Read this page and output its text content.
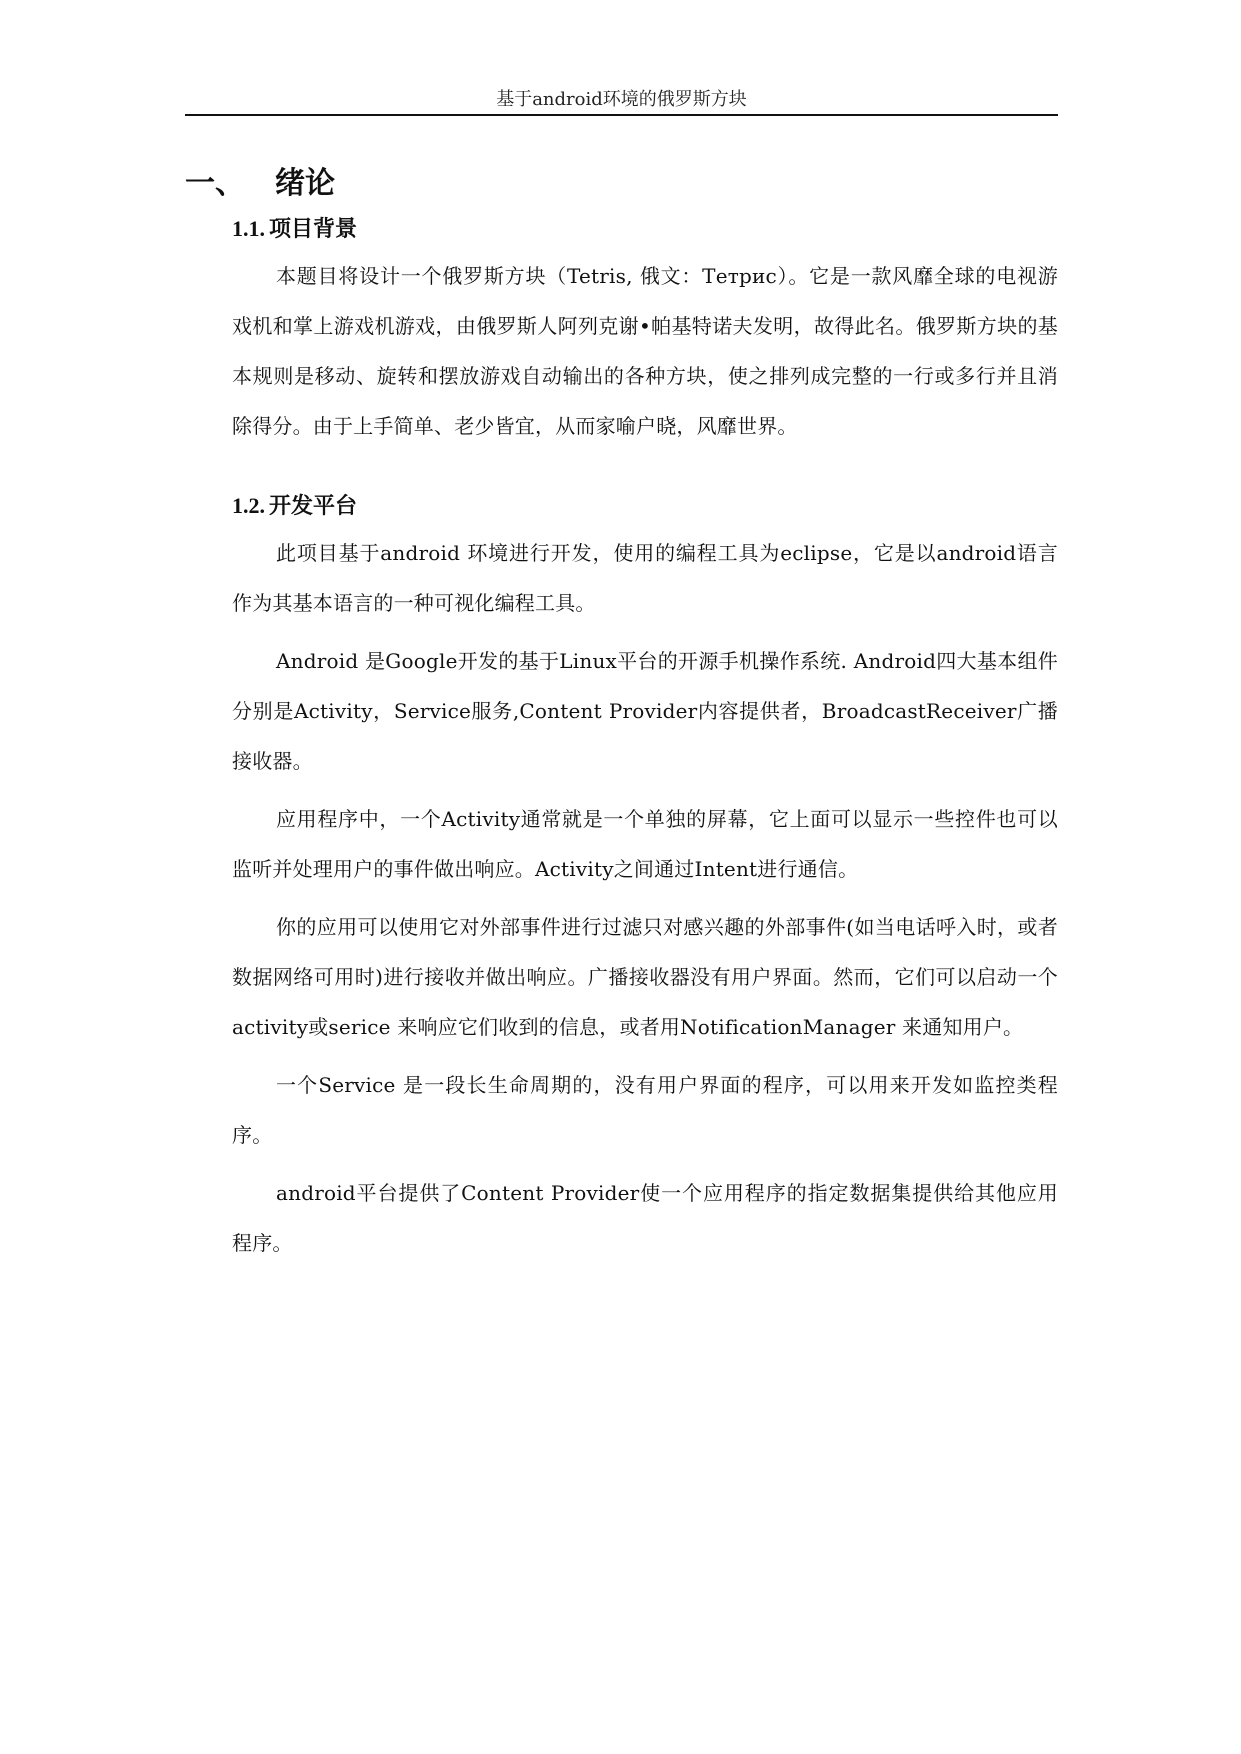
基于android环境的俄罗斯方块
一、	绪论
1.1. 项目背景

本题目将设计一个俄罗斯方块（Tetris, 俄文：Тетрис）。它是一款风靡全球的电视游戏机和掌上游戏机游戏，由俄罗斯人阿列克谢•帕基特诺夫发明，故得此名。俄罗斯方块的基本规则是移动、旋转和摆放游戏自动输出的各种方块，使之排列成完整的一行或多行并且消除得分。由于上手简单、老少皆宜，从而家喻户晓，风靡世界。

1.2. 开发平台

此项目基于android 环境进行开发，使用的编程工具为eclipse，它是以android语言作为其基本语言的一种可视化编程工具。

Android 是Google开发的基于Linux平台的开源手机操作系统. Android四大基本组件分别是Activity，Service服务,Content Provider内容提供者，BroadcastReceiver广播接收器。

应用程序中，一个Activity通常就是一个单独的屏幕，它上面可以显示一些控件也可以监听并处理用户的事件做出响应。Activity之间通过Intent进行通信。

你的应用可以使用它对外部事件进行过滤只对感兴趣的外部事件(如当电话呼入时，或者数据网络可用时)进行接收并做出响应。广播接收器没有用户界面。然而，它们可以启动一个activity或serice 来响应它们收到的信息，或者用NotificationManager 来通知用户。

一个Service 是一段长生命周期的，没有用户界面的程序，可以用来开发如监控类程序。

android平台提供了Content Provider使一个应用程序的指定数据集提供给其他应用程序。
